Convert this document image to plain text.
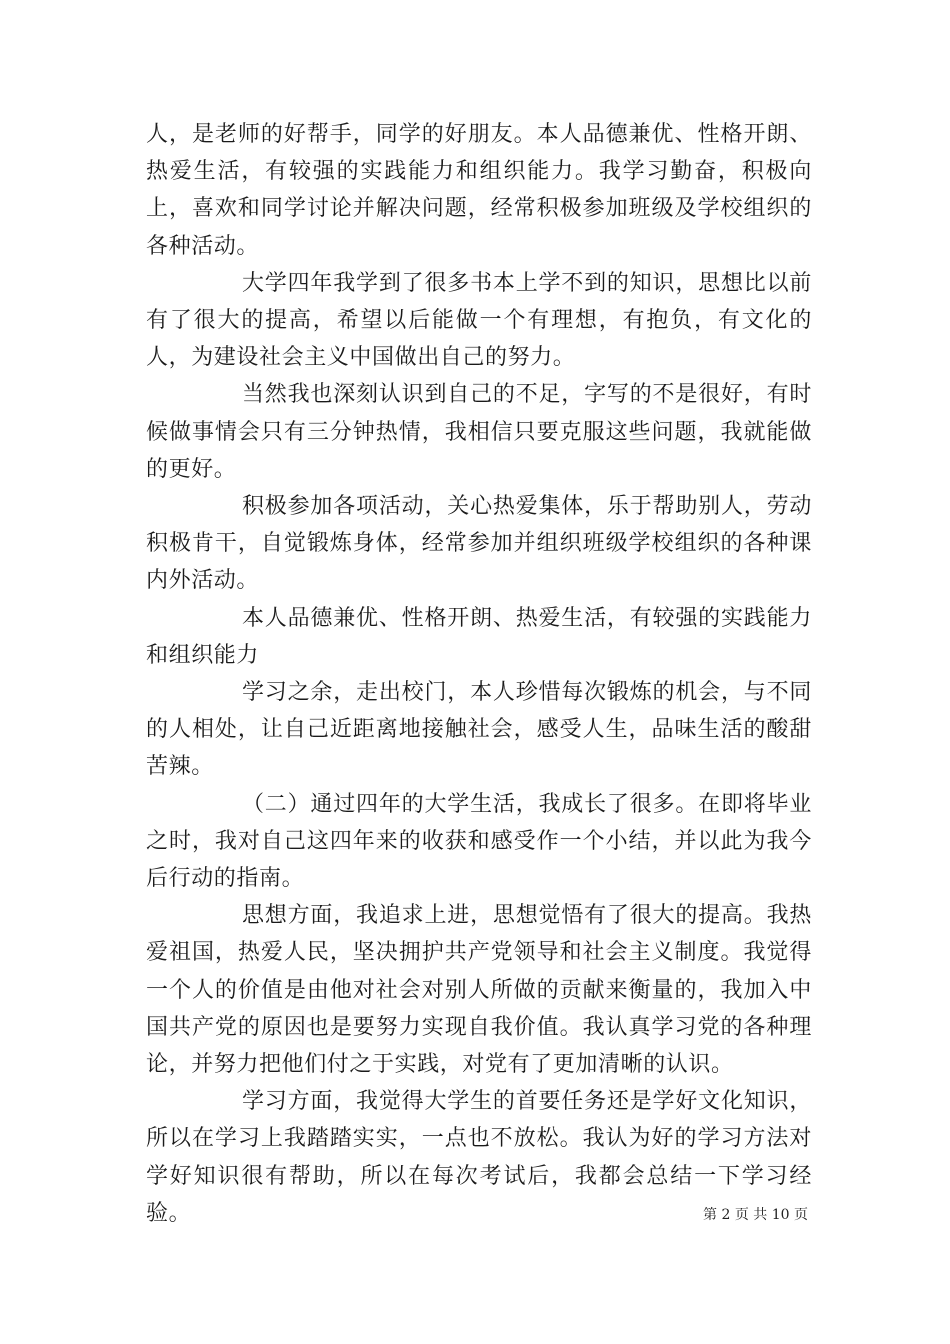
人，是老师的好帮手，同学的好朋友。本人品德兼优、性格开朗、热爱生活，有较强的实践能力和组织能力。我学习勤奋，积极向上，喜欢和同学讨论并解决问题，经常积极参加班级及学校组织的各种活动。

大学四年我学到了很多书本上学不到的知识，思想比以前有了很大的提高，希望以后能做一个有理想，有抱负，有文化的人，为建设社会主义中国做出自己的努力。

当然我也深刻认识到自己的不足，字写的不是很好，有时候做事情会只有三分钟热情，我相信只要克服这些问题，我就能做的更好。

积极参加各项活动，关心热爱集体，乐于帮助别人，劳动积极肯干，自觉锻炼身体，经常参加并组织班级学校组织的各种课内外活动。

本人品德兼优、性格开朗、热爱生活，有较强的实践能力和组织能力

学习之余，走出校门，本人珍惜每次锻炼的机会，与不同的人相处，让自己近距离地接触社会，感受人生，品味生活的酸甜苦辣。

（二）通过四年的大学生活，我成长了很多。在即将毕业之时，我对自己这四年来的收获和感受作一个小结，并以此为我今后行动的指南。

思想方面，我追求上进，思想觉悟有了很大的提高。我热爱祖国，热爱人民，坚决拥护共产党领导和社会主义制度。我觉得一个人的价值是由他对社会对别人所做的贡献来衡量的，我加入中国共产党的原因也是要努力实现自我价值。我认真学习党的各种理论，并努力把他们付之于实践，对党有了更加清晰的认识。

学习方面，我觉得大学生的首要任务还是学好文化知识，所以在学习上我踏踏实实，一点也不放松。我认为好的学习方法对学好知识很有帮助，所以在每次考试后，我都会总结一下学习经验。	第 2 页 共 10 页
